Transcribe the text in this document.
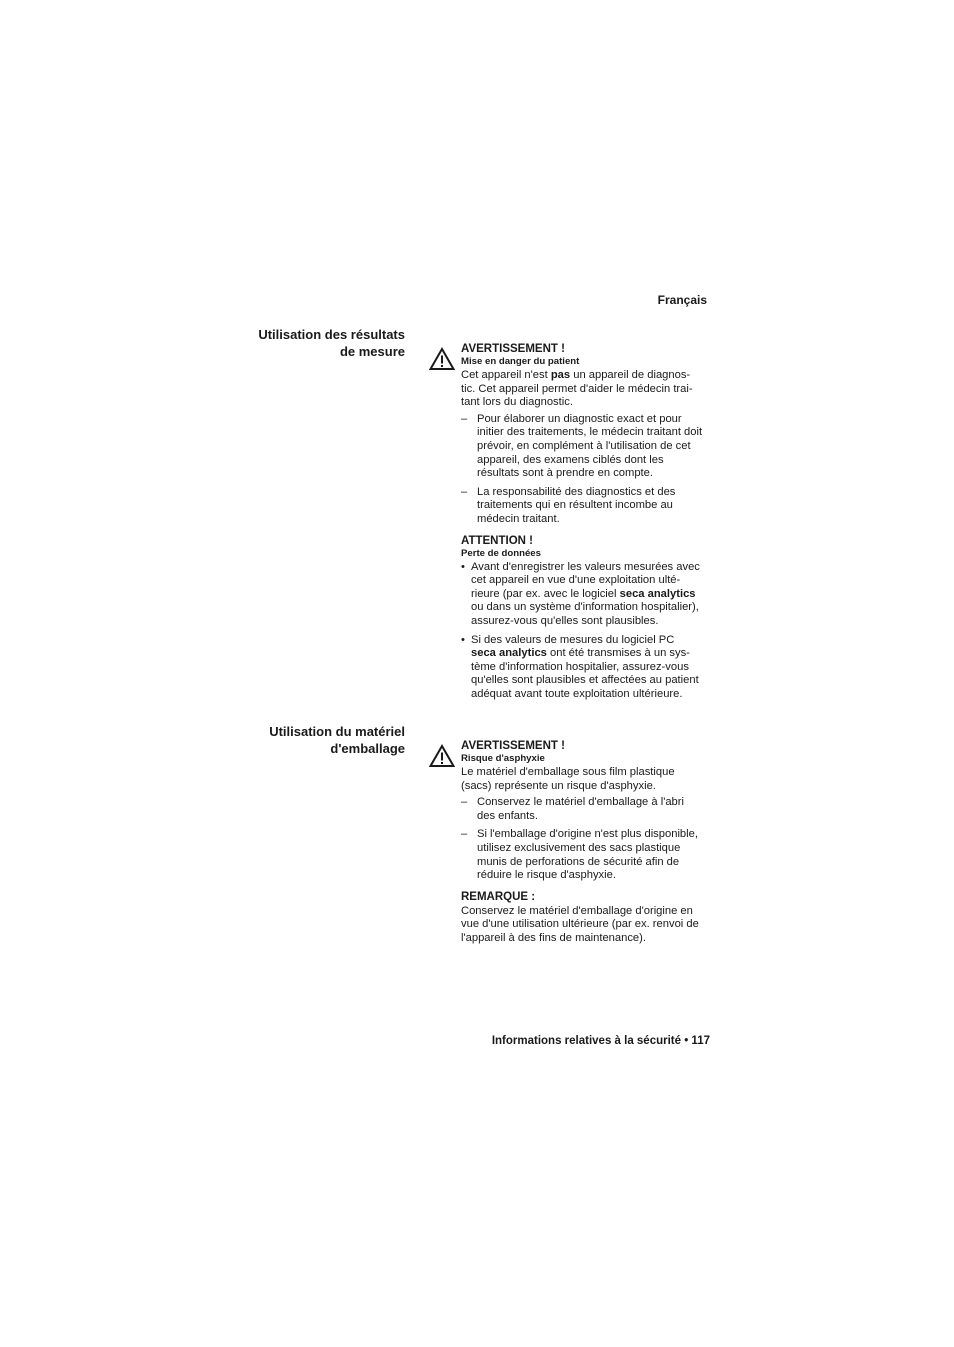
Français
Utilisation des résultats
de mesure	AVERTISSEMENT !
Mise en danger du patient
Cet appareil n'est pas un appareil de diagnos-
tic. Cet appareil permet d'aider le médecin trai-
tant lors du diagnostic.
– Pour élaborer un diagnostic exact et pour
initier des traitements, le médecin traitant doit
prévoir, en complément à l'utilisation de cet
appareil, des examens ciblés dont les
résultats sont à prendre en compte.
– La responsabilité des diagnostics et des
traitements qui en résultent incombe au
médecin traitant.
ATTENTION !
Perte de données
• Avant d'enregistrer les valeurs mesurées avec
cet appareil en vue d'une exploitation ulté-
rieure (par ex. avec le logiciel seca analytics
ou dans un système d'information hospitalier),
assurez-vous qu'elles sont plausibles.
• Si des valeurs de mesures du logiciel PC
seca analytics ont été transmises à un sys-
tème d'information hospitalier, assurez-vous
qu'elles sont plausibles et affectées au patient
adéquat avant toute exploitation ultérieure.
Utilisation du matériel
d'emballage	AVERTISSEMENT !
Risque d'asphyxie
Le matériel d'emballage sous film plastique
(sacs) représente un risque d'asphyxie.
– Conservez le matériel d'emballage à l'abri
des enfants.
– Si l'emballage d'origine n'est plus disponible,
utilisez exclusivement des sacs plastique
munis de perforations de sécurité afin de
réduire le risque d'asphyxie.
REMARQUE :
Conservez le matériel d'emballage d'origine en
vue d'une utilisation ultérieure (par ex. renvoi de
l'appareil à des fins de maintenance).
Informations relatives à la sécurité • 117
